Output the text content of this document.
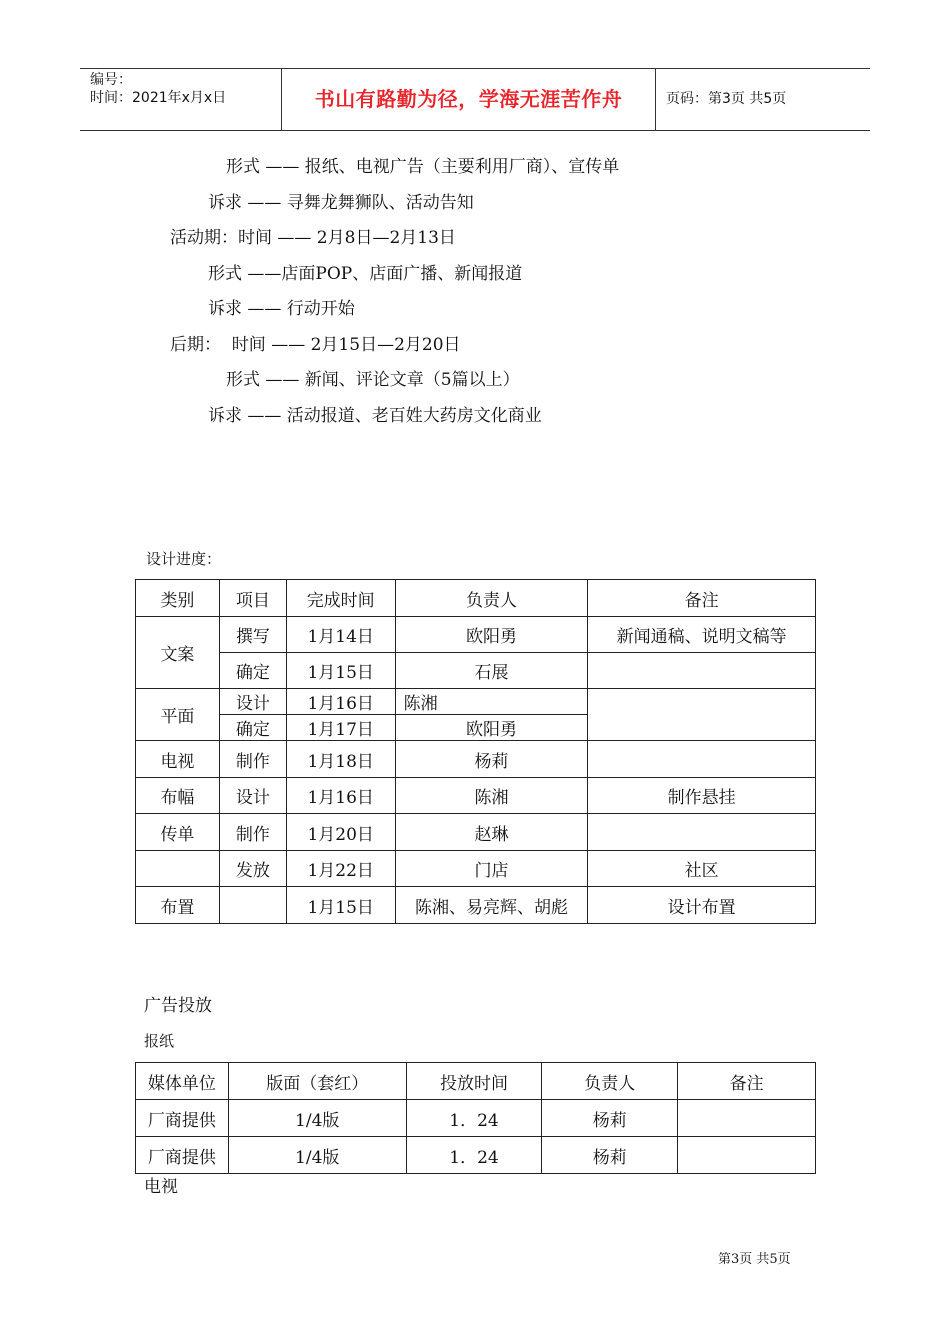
编号：
时间：2021年x月x日	书山有路勤为径，学海无涯苦作舟	页码：第3页 共5页
形式 —— 报纸、电视广告（主要利用厂商）、宣传单
诉求 —— 寻舞龙舞狮队、活动告知
活动期：时间 —— 2月8日—2月13日
形式 ——店面POP、店面广播、新闻报道
诉求 —— 行动开始
后期：  时间 —— 2月15日—2月20日
形式 —— 新闻、评论文章（5篇以上）
诉求 —— 活动报道、老百姓大药房文化商业
设计进度：
类别	项目	完成时间	负责人	备注
文案	撰写	1月14日	欧阳勇	新闻通稿、说明文稿等
	确定	1月15日	石展	
平面	设计	1月16日	陈湘	
	确定	1月17日	欧阳勇	
电视	制作	1月18日	杨莉	
布幅	设计	1月16日	陈湘	制作悬挂
传单	制作	1月20日	赵琳	
	发放	1月22日	门店	社区
布置		1月15日	陈湘、易亮辉、胡彪	设计布置
广告投放
报纸
媒体单位	版面（套红）	投放时间	负责人	备注
厂商提供	1/4版	1．24	杨莉	
厂商提供	1/4版	1．24	杨莉	
电视
第3页 共5页
